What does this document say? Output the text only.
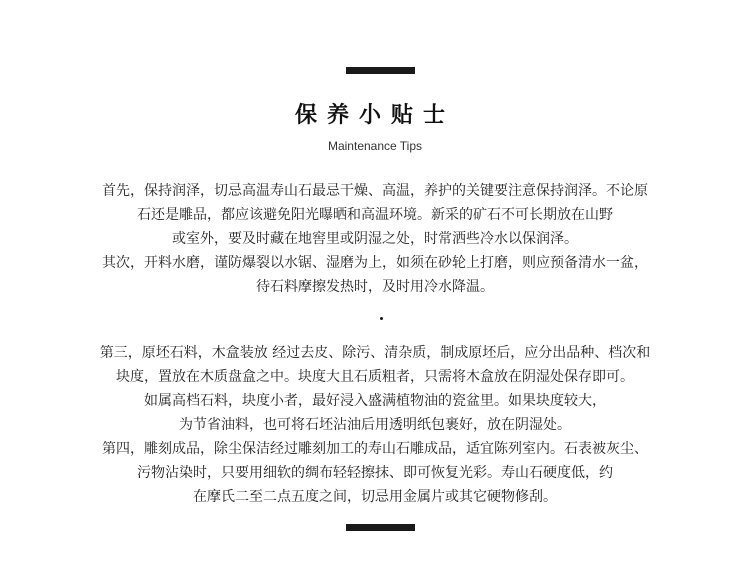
保养小贴士
Maintenance Tips
首先，保持润泽，切忌高温寿山石最忌干燥、高温，养护的关键要注意保持润泽。不论原
石还是雕品，都应该避免阳光曝晒和高温环境。新采的矿石不可长期放在山野
或室外，要及时藏在地窖里或阴湿之处，时常洒些冷水以保润泽。
其次，开料水磨，谨防爆裂以水锯、湿磨为上，如须在砂轮上打磨，则应预备清水一盆，
待石料摩擦发热时，及时用冷水降温。
第三，原坯石料，木盒装放 经过去皮、除污、清杂质，制成原坯后，应分出品种、档次和
块度，置放在木质盘盒之中。块度大且石质粗者，只需将木盒放在阴湿处保存即可。
如属高档石料，块度小者，最好浸入盛满植物油的瓷盆里。如果块度较大，
为节省油料，也可将石坯沾油后用透明纸包裹好，放在阴湿处。
第四，雕刻成品，除尘保洁经过雕刻加工的寿山石雕成品，适宜陈列室内。石表被灰尘、
污物沾染时，只要用细软的绸布轻轻擦抹、即可恢复光彩。寿山石硬度低，约
在摩氏二至二点五度之间，切忌用金属片或其它硬物修刮。
